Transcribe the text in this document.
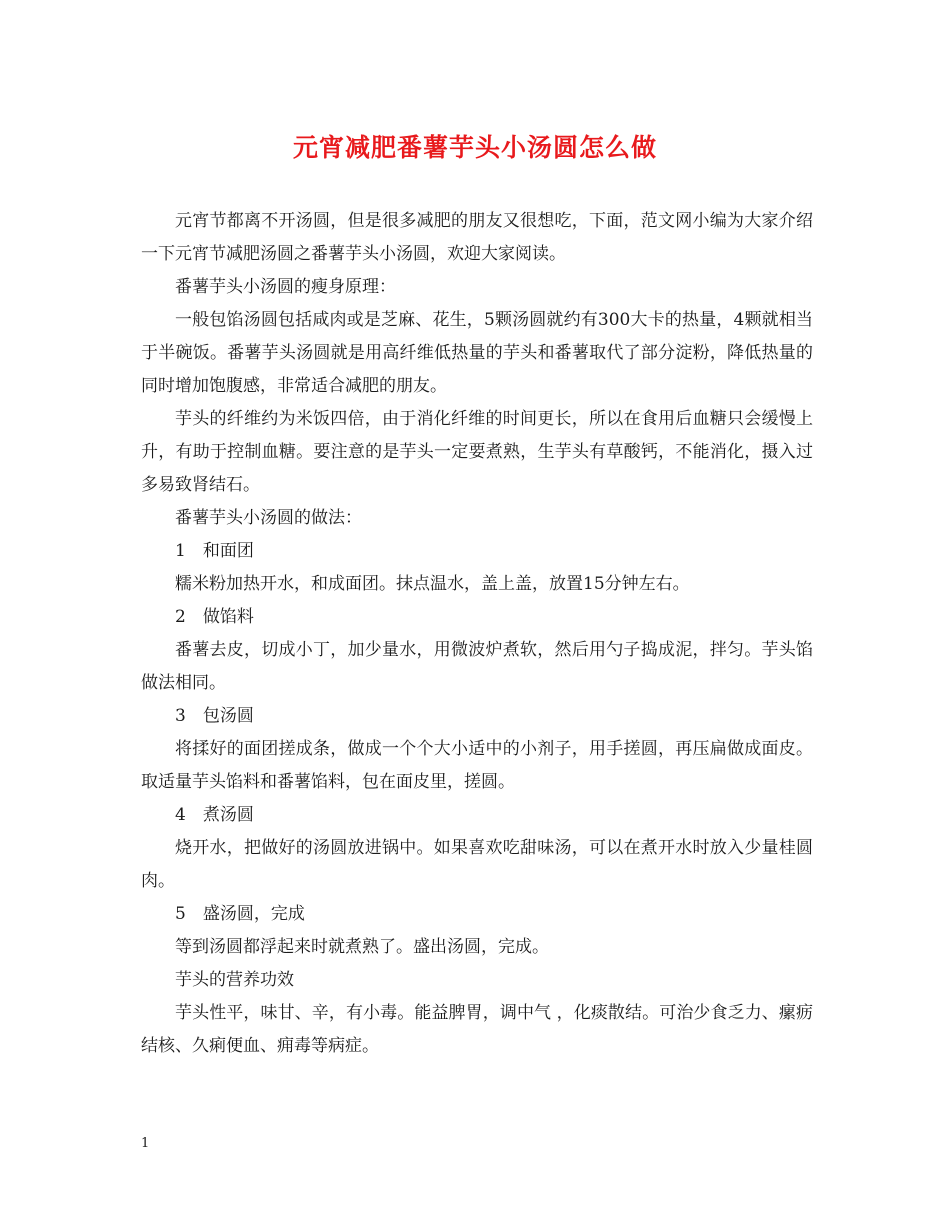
元宵减肥番薯芋头小汤圆怎么做

元宵节都离不开汤圆，但是很多减肥的朋友又很想吃，下面，范文网小编为大家介绍一下元宵节减肥汤圆之番薯芋头小汤圆，欢迎大家阅读。

番薯芋头小汤圆的瘦身原理：

一般包馅汤圆包括咸肉或是芝麻、花生，5颗汤圆就约有300大卡的热量，4颗就相当于半碗饭。番薯芋头汤圆就是用高纤维低热量的芋头和番薯取代了部分淀粉，降低热量的同时增加饱腹感，非常适合减肥的朋友。

芋头的纤维约为米饭四倍，由于消化纤维的时间更长，所以在食用后血糖只会缓慢上升，有助于控制血糖。要注意的是芋头一定要煮熟，生芋头有草酸钙，不能消化，摄入过多易致肾结石。

番薯芋头小汤圆的做法：

1　和面团

糯米粉加热开水，和成面团。抹点温水，盖上盖，放置15分钟左右。

2　做馅料

番薯去皮，切成小丁，加少量水，用微波炉煮软，然后用勺子捣成泥，拌匀。芋头馅做法相同。

3　包汤圆

将揉好的面团搓成条，做成一个个大小适中的小剂子，用手搓圆，再压扁做成面皮。取适量芋头馅料和番薯馅料，包在面皮里，搓圆。

4　煮汤圆

烧开水，把做好的汤圆放进锅中。如果喜欢吃甜味汤，可以在煮开水时放入少量桂圆肉。

5　盛汤圆，完成

等到汤圆都浮起来时就煮熟了。盛出汤圆，完成。

芋头的营养功效

芋头性平，味甘、辛，有小毒。能益脾胃，调中气 ，化痰散结。可治少食乏力、瘰疬结核、久痢便血、痈毒等病症。

1
